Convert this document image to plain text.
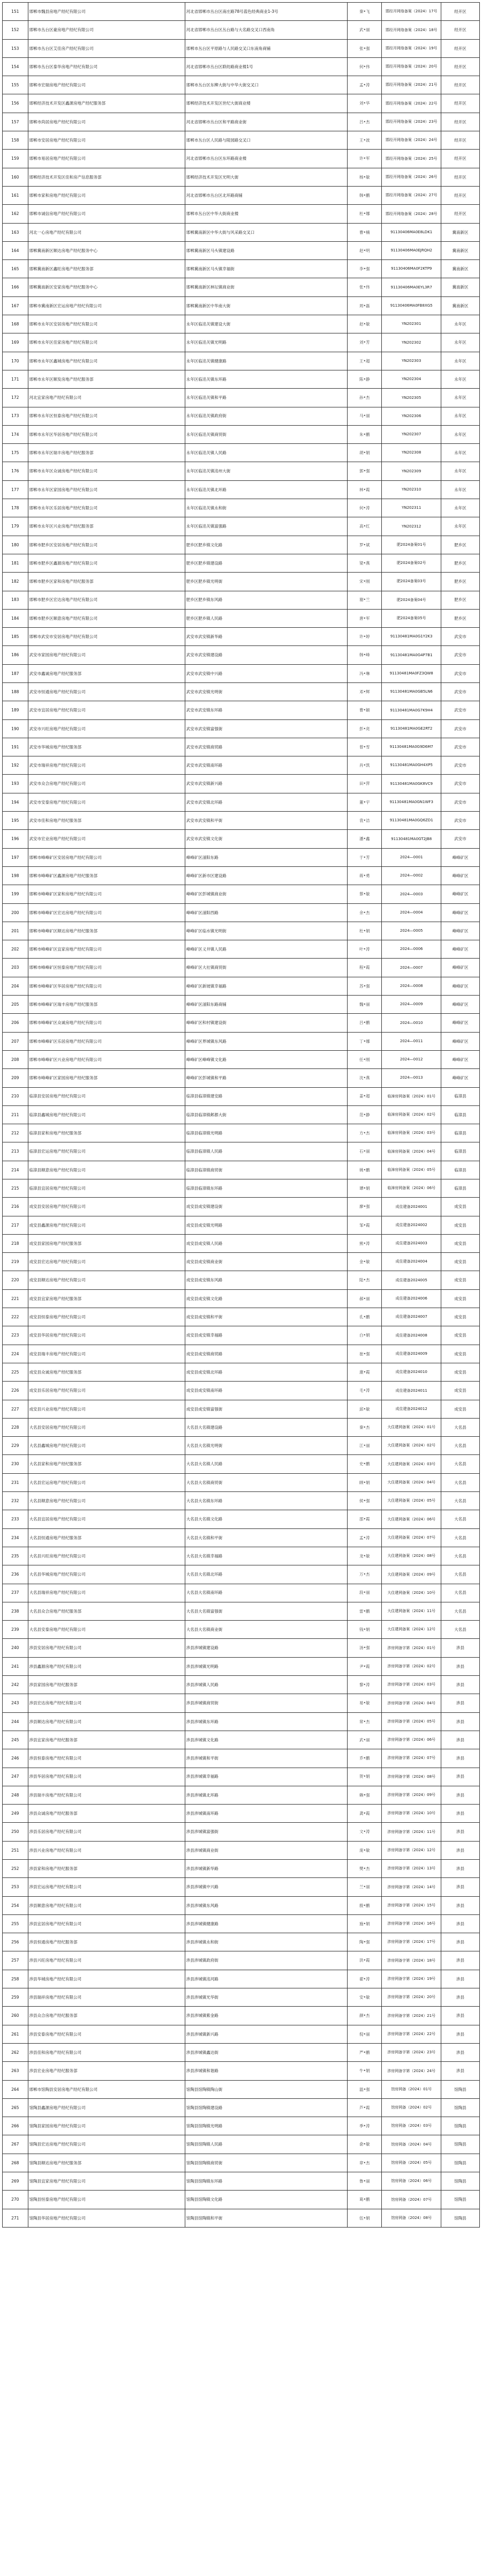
151	邯郸市魏县房地产经纪有限公司	河北省邯郸市丛台区南庄路78号蓝色经典商业1-3号	秦•飞	邯经开网络备案（2024）17号	经开区
152	邯郸市丛台区豪房地产经纪有限公司	河北省邯郸市丛台区丛台路与大名路交叉口西南角	武•丽	邯经开网络备案（2024）18号	经开区
153	邯郸市丛台区艾佳房产经纪有限公司	邯郸市丛台区平原路与人民路交叉口东南角商铺	张•强	邯经开网络备案（2024）19号	经开区
154	邯郸市丛台区泰华房地产经纪有限公司	河北省邯郸市丛台区联纺路商业楼1号	何•伟	邯经开网络备案（2024）20号	经开区
155	邯郸市宏瑞房地产经纪有限公司	邯郸市丛台区东柳大街与中华大街交叉口	孟•涛	邯经开网络备案（2024）21号	经开区
156	邯郸经济技术开发区鑫源房地产经纪服务部	邯郸经济技术开发区世纪大街商业楼	刘•华	邯经开网络备案（2024）22号	经开区
157	邯郸市尚居房地产经纪有限公司	河北省邯郸市丛台区和平路商业街	吕•杰	邯经开网络备案（2024）23号	经开区
158	邯郸市安居房地产经纪有限公司	邯郸市丛台区人民路与陵园路交叉口	王•波	邯经开网络备案（2024）24号	经开区
159	邯郸市易居房地产经纪有限公司	河北省邯郸市丛台区东环路商业楼	许•军	邯经开网络备案（2024）25号	经开区
160	邯郸经济技术开发区佳和房产信息服务部	邯郸经济技术开发区光明大街	杨•敏	邯经开网络备案（2024）26号	经开区
161	邯郸市家和房地产经纪有限公司	河北省邯郸市丛台区北环路商铺	韩•鹏	邯经开网络备案（2024）27号	经开区
162	邯郸市诚信房地产经纪有限公司	邯郸市丛台区中华大街商业楼	杜•娜	邯经开网络备案（2024）28号	经开区
163	河北一心房地产经纪有限公司	邯郸冀南新区中华大街与风采路交叉口	曹•楠	91130406MA0E8LDK1	冀南新区
164	邯郸冀南新区顺达房地产经纪服务中心	邯郸冀南新区马头镇建设路	赵•明	91130406MA0EJRQH2	冀南新区
165	邯郸冀南新区鑫旺房地产经纪服务部	邯郸冀南新区马头镇幸福街	李•强	91130406MA0F2KTP9	冀南新区
166	邯郸冀南新区安家房地产经纪服务中心	邯郸冀南新区林坛镇商业街	张•伟	91130406MA0EYL3R7	冀南新区
167	邯郸市冀南新区宏运房地产经纪有限公司	邯郸冀南新区中华南大街	周•磊	91130406MA0FB8XG5	冀南新区
168	邯郸市永年区安居房地产经纪有限公司	永年区临洺关镇建设大街	赵•敏	YN202301	永年区
169	邯郸市永年区佳家房地产经纪有限公司	永年区临洺关镇光明路	刘•芳	YN202302	永年区
170	邯郸市永年区鑫城房地产经纪有限公司	永年区临洺关镇健康路	王•超	YN202303	永年区
171	邯郸市永年区顺发房地产经纪服务部	永年区临洺关镇东环路	陈•静	YN202304	永年区
172	河北宜家房地产经纪有限公司	永年区临洺关镇和平路	孙•杰	YN202305	永年区
173	邯郸市永年区恒泰房地产经纪有限公司	永年区临洺关镇政府街	马•丽	YN202306	永年区
174	邯郸市永年区华居房地产经纪有限公司	永年区临洺关镇商贸街	朱•鹏	YN202307	永年区
175	邯郸市永年区瑞丰房地产经纪服务部	永年区临洺关镇人民路	胡•娟	YN202308	永年区
176	邯郸市永年区众诚房地产经纪有限公司	永年区临洺关镇洺州大街	郭•强	YN202309	永年区
177	邯郸市永年区家园房地产经纪有限公司	永年区临洺关镇北环路	林•霞	YN202310	永年区
178	邯郸市永年区乐居房地产经纪有限公司	永年区临洺关镇永和街	何•涛	YN202311	永年区
179	邯郸市永年区兴业房地产经纪服务部	永年区临洺关镇富强路	高•红	YN202312	永年区
180	邯郸市肥乡区安居房地产经纪有限公司	肥乡区肥乡镇文化路	罗•斌	肥2024备案01号	肥乡区
181	邯郸市肥乡区鑫源房地产经纪有限公司	肥乡区肥乡镇建设路	梁•燕	肥2024备案02号	肥乡区
182	邯郸市肥乡区家和房地产经纪服务部	肥乡区肥乡镇光明街	宋•刚	肥2024备案03号	肥乡区
183	邯郸市肥乡区宏达房地产经纪有限公司	肥乡区肥乡镇东风路	谢•兰	肥2024备案04号	肥乡区
184	邯郸市肥乡区顺意房地产经纪有限公司	肥乡区肥乡镇人民路	唐•军	肥2024备案05号	肥乡区
185	邯郸市武安市安居房地产经纪有限公司	武安市武安镇新华路	许•婷	91130481MA0G1Y2K3	武安市
186	武安市家园房地产经纪有限公司	武安市武安镇建设路	韩•峰	91130481MA0G4P7B1	武安市
187	武安市鑫诚房地产经纪服务部	武安市武安镇中兴路	冯•琳	91130481MA0FZ3QW8	武安市
188	武安市恒通房地产经纪有限公司	武安市武安镇光明街	邓•辉	91130481MA0GB5LN6	武安市
189	武安市宜居房地产经纪有限公司	武安市武安镇东环路	曹•颖	91130481MA0G7K9H4	武安市
190	武安市兴旺房地产经纪有限公司	武安市武安镇富强街	彭•亮	91130481MA0GE2RT2	武安市
191	武安市华城房地产经纪服务部	武安市武安镇商贸路	曾•雪	91130481MA0G9D6M7	武安市
192	武安市瑞祥房地产经纪有限公司	武安市武安镇南环路	肖•凯	91130481MA0GH4XP5	武安市
193	武安市众合房地产经纪有限公司	武安市武安镇新兴路	田•萍	91130481MA0GK8VC9	武安市
194	武安市安泰房地产经纪有限公司	武安市武安镇北环路	董•宇	91130481MA0GN1WF3	武安市
195	武安市佳和房地产经纪服务部	武安市武安镇和平街	袁•洁	91130481MA0GQ6ZD1	武安市
196	武安市宏业房地产经纪有限公司	武安市武安镇文化街	潘•鑫	91130481MA0GT2JB8	武安市
197	邯郸市峰峰矿区安居房地产经纪有限公司	峰峰矿区滏阳东路	于•芳	2024—0001	峰峰矿区
198	邯郸市峰峰矿区鑫源房地产经纪服务部	峰峰矿区新市区建设路	蒋•勇	2024—0002	峰峰矿区
199	邯郸市峰峰矿区家和房地产经纪有限公司	峰峰矿区彭城镇商业街	蔡•敏	2024—0003	峰峰矿区
200	邯郸市峰峰矿区宏达房地产经纪有限公司	峰峰矿区滏阳西路	余•杰	2024—0004	峰峰矿区
201	邯郸市峰峰矿区顺达房地产经纪服务部	峰峰矿区临水镇光明街	杜•娟	2024—0005	峰峰矿区
202	邯郸市峰峰矿区宜家房地产经纪有限公司	峰峰矿区义井镇人民路	叶•涛	2024—0006	峰峰矿区
203	邯郸市峰峰矿区恒泰房地产经纪有限公司	峰峰矿区大社镇商贸街	程•霞	2024—0007	峰峰矿区
204	邯郸市峰峰矿区华居房地产经纪有限公司	峰峰矿区新坡镇幸福路	苏•强	2024—0008	峰峰矿区
205	邯郸市峰峰矿区瑞丰房地产经纪服务部	峰峰矿区滏阳东路商铺	魏•丽	2024—0009	峰峰矿区
206	邯郸市峰峰矿区众诚房地产经纪有限公司	峰峰矿区和村镇建设街	吕•鹏	2024—0010	峰峰矿区
207	邯郸市峰峰矿区乐居房地产经纪有限公司	峰峰矿区界城镇东风路	丁•娜	2024—0011	峰峰矿区
208	邯郸市峰峰矿区兴业房地产经纪有限公司	峰峰矿区峰峰镇文化路	任•刚	2024—0012	峰峰矿区
209	邯郸市峰峰矿区家园房地产经纪服务部	峰峰矿区彭城镇和平路	沈•燕	2024—0013	峰峰矿区
210	临漳县安居房地产经纪有限公司	临漳县临漳镇建安路	姜•超	临漳房网备案（2024）01号	临漳县
211	临漳县鑫城房地产经纪有限公司	临漳县临漳镇邺都大街	范•静	临漳房网备案（2024）02号	临漳县
212	临漳县家和房地产经纪服务部	临漳县临漳镇光明路	方•杰	临漳房网备案（2024）03号	临漳县
213	临漳县宏运房地产经纪有限公司	临漳县临漳镇人民路	石•丽	临漳房网备案（2024）04号	临漳县
214	临漳县顺意房地产经纪有限公司	临漳县临漳镇商贸街	姚•鹏	临漳房网备案（2024）05号	临漳县
215	临漳县宜居房地产经纪有限公司	临漳县临漳镇东环路	谭•娟	临漳房网备案（2024）06号	临漳县
216	成安县安居房地产经纪有限公司	成安县成安镇建设街	廖•强	成住建备2024001	成安县
217	成安县鑫源房地产经纪有限公司	成安县成安镇光明路	邹•霞	成住建备2024002	成安县
218	成安县家园房地产经纪服务部	成安县成安镇人民路	熊•涛	成住建备2024003	成安县
219	成安县宏达房地产经纪有限公司	成安县成安镇商业街	金•敏	成住建备2024004	成安县
220	成安县顺达房地产经纪有限公司	成安县成安镇东风路	陆•杰	成住建备2024005	成安县
221	成安县宜家房地产经纪服务部	成安县成安镇文化路	郝•丽	成住建备2024006	成安县
222	成安县恒泰房地产经纪有限公司	成安县成安镇和平街	孔•鹏	成住建备2024007	成安县
223	成安县华居房地产经纪有限公司	成安县成安镇幸福路	白•娟	成住建备2024008	成安县
224	成安县瑞丰房地产经纪有限公司	成安县成安镇商贸路	崔•强	成住建备2024009	成安县
225	成安县众诚房地产经纪服务部	成安县成安镇北环路	康•霞	成住建备2024010	成安县
226	成安县乐居房地产经纪有限公司	成安县成安镇南环路	毛•涛	成住建备2024011	成安县
227	成安县兴业房地产经纪有限公司	成安县成安镇富强街	邱•敏	成住建备2024012	成安县
228	大名县安居房地产经纪有限公司	大名县大名镇建设路	秦•杰	大住建网备案（2024）01号	大名县
229	大名县鑫城房地产经纪有限公司	大名县大名镇光明街	江•丽	大住建网备案（2024）02号	大名县
230	大名县家和房地产经纪服务部	大名县大名镇人民路	史•鹏	大住建网备案（2024）03号	大名县
231	大名县宏运房地产经纪有限公司	大名县大名镇商贸街	顾•娟	大住建网备案（2024）04号	大名县
232	大名县顺意房地产经纪有限公司	大名县大名镇东环路	侯•强	大住建网备案（2024）05号	大名县
233	大名县宜居房地产经纪有限公司	大名县大名镇文化路	邵•霞	大住建网备案（2024）06号	大名县
234	大名县恒通房地产经纪服务部	大名县大名镇和平街	孟•涛	大住建网备案（2024）07号	大名县
235	大名县兴旺房地产经纪有限公司	大名县大名镇幸福路	龙•敏	大住建网备案（2024）08号	大名县
236	大名县华城房地产经纪有限公司	大名县大名镇北环路	万•杰	大住建网备案（2024）09号	大名县
237	大名县瑞祥房地产经纪有限公司	大名县大名镇南环路	段•丽	大住建网备案（2024）10号	大名县
238	大名县众合房地产经纪服务部	大名县大名镇富强街	雷•鹏	大住建网备案（2024）11号	大名县
239	大名县安泰房地产经纪有限公司	大名县大名镇商业街	钱•娟	大住建网备案（2024）12号	大名县
240	涉县安居房地产经纪有限公司	涉县涉城镇建设路	汤•强	涉房网备字第（2024）01号	涉县
241	涉县鑫源房地产经纪有限公司	涉县涉城镇光明路	尹•霞	涉房网备字第（2024）02号	涉县
242	涉县家园房地产经纪服务部	涉县涉城镇人民路	黎•涛	涉房网备字第（2024）03号	涉县
243	涉县宏达房地产经纪有限公司	涉县涉城镇商贸街	易•敏	涉房网备字第（2024）04号	涉县
244	涉县顺达房地产经纪有限公司	涉县涉城镇东环路	常•杰	涉房网备字第（2024）05号	涉县
245	涉县宜家房地产经纪服务部	涉县涉城镇文化路	武•丽	涉房网备字第（2024）06号	涉县
246	涉县恒泰房地产经纪有限公司	涉县涉城镇和平街	乔•鹏	涉房网备字第（2024）07号	涉县
247	涉县华居房地产经纪有限公司	涉县涉城镇幸福路	贺•娟	涉房网备字第（2024）08号	涉县
248	涉县瑞丰房地产经纪有限公司	涉县涉城镇北环路	赖•强	涉房网备字第（2024）09号	涉县
249	涉县众诚房地产经纪服务部	涉县涉城镇南环路	龚•霞	涉房网备字第（2024）10号	涉县
250	涉县乐居房地产经纪有限公司	涉县涉城镇富强街	文•涛	涉房网备字第（2024）11号	涉县
251	涉县兴业房地产经纪有限公司	涉县涉城镇商业街	庞•敏	涉房网备字第（2024）12号	涉县
252	涉县家和房地产经纪服务部	涉县涉城镇新华路	樊•杰	涉房网备字第（2024）13号	涉县
253	涉县宏运房地产经纪有限公司	涉县涉城镇中兴路	兰•丽	涉房网备字第（2024）14号	涉县
254	涉县顺意房地产经纪有限公司	涉县涉城镇东风路	殷•鹏	涉房网备字第（2024）15号	涉县
255	涉县宜居房地产经纪有限公司	涉县涉城镇健康路	施•娟	涉房网备字第（2024）16号	涉县
256	涉县恒通房地产经纪服务部	涉县涉城镇永和街	陶•强	涉房网备字第（2024）17号	涉县
257	涉县兴旺房地产经纪有限公司	涉县涉城镇政府街	洪•霞	涉房网备字第（2024）18号	涉县
258	涉县华城房地产经纪有限公司	涉县涉城镇洺河路	翟•涛	涉房网备字第（2024）19号	涉县
259	涉县瑞祥房地产经纪有限公司	涉县涉城镇光华街	安•敏	涉房网备字第（2024）20号	涉县
260	涉县众合房地产经纪服务部	涉县涉城镇紫金路	颜•杰	涉房网备字第（2024）21号	涉县
261	涉县安泰房地产经纪有限公司	涉县涉城镇新兴路	倪•丽	涉房网备字第（2024）22号	涉县
262	涉县佳和房地产经纪有限公司	涉县涉城镇鑫达街	严•鹏	涉房网备字第（2024）23号	涉县
263	涉县宏业房地产经纪服务部	涉县涉城镇和谐路	牛•娟	涉房网备字第（2024）24号	涉县
264	邯郸市馆陶县安居房地产经纪有限公司	馆陶县馆陶镇陶山街	温•强	馆房网备（2024）01号	馆陶县
265	馆陶县鑫源房地产经纪有限公司	馆陶县馆陶镇建设路	芦•霞	馆房网备（2024）02号	馆陶县
266	馆陶县家园房地产经纪有限公司	馆陶县馆陶镇光明路	季•涛	馆房网备（2024）03号	馆陶县
267	馆陶县宏达房地产经纪有限公司	馆陶县馆陶镇人民路	俞•敏	馆房网备（2024）04号	馆陶县
268	馆陶县顺达房地产经纪服务部	馆陶县馆陶镇商贸街	章•杰	馆房网备（2024）05号	馆陶县
269	馆陶县宜家房地产经纪有限公司	馆陶县馆陶镇东环路	鲁•丽	馆房网备（2024）06号	馆陶县
270	馆陶县恒泰房地产经纪有限公司	馆陶县馆陶镇文化路	葛•鹏	馆房网备（2024）07号	馆陶县
271	馆陶县华居房地产经纪有限公司	馆陶县馆陶镇和平街	伍•娟	馆房网备（2024）08号	馆陶县
